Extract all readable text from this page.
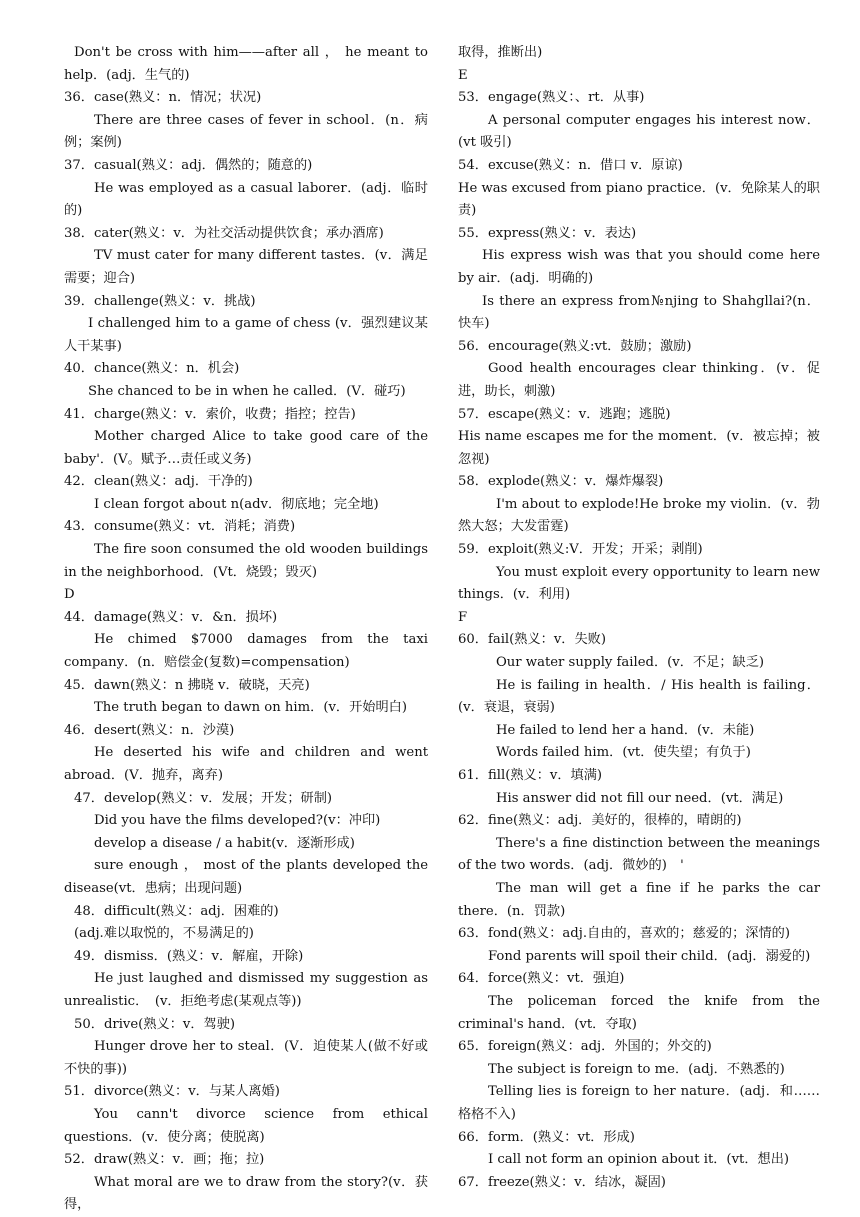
Don't be cross with him——after all ， he meant to help．(adj．生气的)

36．case(熟义：n．情况；状况)

There are three cases of fever in school．(n．病例；案例)

37．casual(熟义：adj．偶然的；随意的)

He was employed as a casual laborer．(adj．临时的)

38．cater(熟义：v．为社交活动提供饮食；承办酒席)

TV must cater for many different tastes．(v．满足需要；迎合)

39．challenge(熟义：v．挑战)

I challenged him to a game of chess (v．强烈建议某人干某事)

40．chance(熟义：n．机会)

She chanced to be in when he called．(V．碰巧)

41．charge(熟义：v．索价，收费；指控；控告)

Mother charged Alice to take good care of the baby'．(V。赋予…责任或义务)

42．clean(熟义：adj．干净的)

I clean forgot about n(adv．彻底地；完全地)

43．consume(熟义：vt．消耗；消费)

The fire soon consumed the old wooden buildings in the neighborhood．(Vt．烧毁；毁灭)

D

44．damage(熟义：v．&n．损坏)

He chimed $7000 damages from the taxi company．(n．赔偿金(复数)=compensation)

45．dawn(熟义：n 拂晓 v．破晓，天亮)

The truth began to dawn on him．(v．开始明白)

46．desert(熟义：n．沙漠)

He deserted his wife and children and went abroad．(V．抛弃，离弃)

47．develop(熟义：v．发展；开发；研制)

Did you have the films developed?(v：冲印)

develop a disease / a habit(v．逐渐形成)

sure enough ， most of the plants developed the disease(vt．患病；出现问题)

48．difficult(熟义：adj．困难的)

(adj.难以取悦的，不易满足的)

49．dismiss．(熟义：v．解雇，开除)

He just laughed and dismissed my suggestion as unrealistic．　(v．拒绝考虑(某观点等))

50．drive(熟义：v．驾驶)

Hunger drove her to steal．(V．迫使某人(做不好或不快的事))

51．divorce(熟义：v．与某人离婚)

You cann't divorce science from ethical questions．(v．使分离；使脱离)

52．draw(熟义：v．画；拖；拉)

What moral are we to draw from the story?(v．获得，

取得，推断出)

E

53．engage(熟义：、rt．从事)

A personal computer engages his interest now．(vt 吸引)

54．excuse(熟义：n．借口 v．原谅)

He was excused from piano practice．(v．免除某人的职责)

55．express(熟义：v．表达)

His express wish was that you should come here by air．(adj．明确的)

Is there an express from№njing to Shahgllai?(n．快车)

56．encourage(熟义:vt．鼓励；激励)

Good health encourages clear thinking．(v．促进，助长，刺激)

57．escape(熟义：v．逃跑；逃脱)

His name escapes me for the moment．(v．被忘掉；被忽视)

58．explode(熟义：v．爆炸爆裂)

I'm about to explode!He broke my violin．(v．勃然大怒；大发雷霆)

59．exploit(熟义:V．开发；开采；剥削)

You must exploit every opportunity to learn new things．(v．利用)

F

60．fail(熟义：v．失败)

Our water supply failed．(v．不足；缺乏)

He is failing in health．/ His health is failing．(v．衰退，衰弱)

He failed to lend her a hand．(v．未能)

Words failed him．(vt．使失望；有负于)

61．fill(熟义：v．填满)

His answer did not fill our need．(vt．满足)

62．fine(熟义：adj．美好的，很棒的，晴朗的)

There's a fine distinction between the meanings of the two words．(adj．微妙的)　'

The man will get a fine if he parks the car there．(n．罚款)

63．fond(熟义：adj.自由的，喜欢的；慈爱的；深情的)

Fond parents will spoil their child．(adj．溺爱的)

64．force(熟义：vt．强迫)

The policeman forced the knife from the criminal's hand．(vt．夺取)

65．foreign(熟义：adj．外国的；外交的)

The subject is foreign to me．(adj．不熟悉的)

Telling lies is foreign to her nature．(adj．和……格格不入)

66．form．(熟义：vt．形成)

I call not form an opinion about it．(vt．想出)

67．freeze(熟义：v．结冰，凝固)
